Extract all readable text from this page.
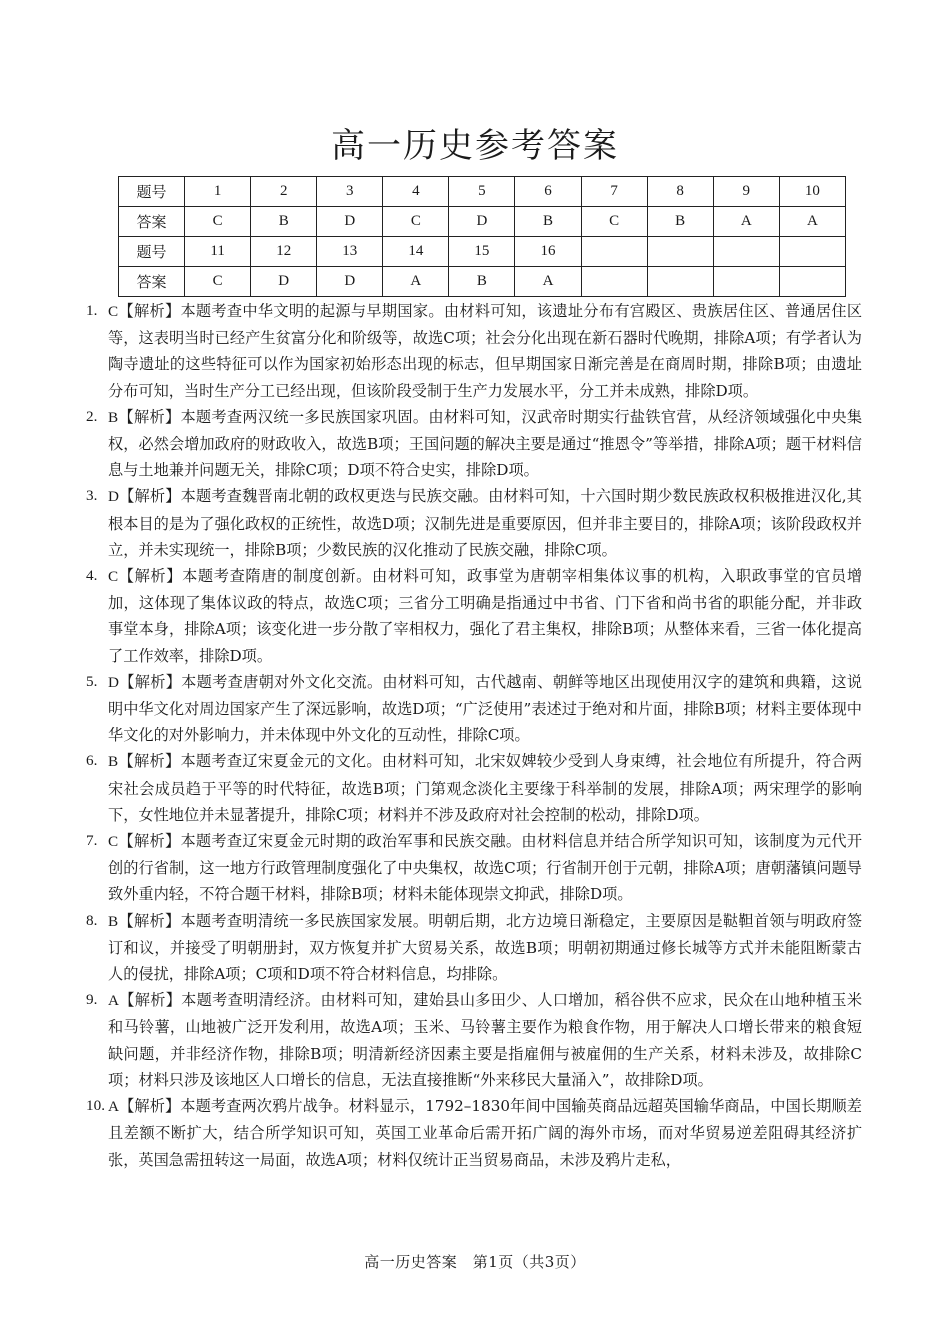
高一历史参考答案
题号	1	2	3	4	5	6	7	8	9	10
答案	C	B	D	C	D	B	C	B	A	A
题号	11	12	13	14	15	16				
答案	C	D	D	A	B	A				
1. C【解析】本题考查中华文明的起源与早期国家。由材料可知，该遗址分布有宫殿区、贵族居住区、普通居住区等，这表明当时已经产生贫富分化和阶级等，故选C项；社会分化出现在新石器时代晚期，排除A项；有学者认为陶寺遗址的这些特征可以作为国家初始形态出现的标志，但早期国家日渐完善是在商周时期，排除B项；由遗址分布可知，当时生产分工已经出现，但该阶段受制于生产力发展水平，分工并未成熟，排除D项。
2. B【解析】本题考查两汉统一多民族国家巩固。由材料可知，汉武帝时期实行盐铁官营，从经济领域强化中央集权，必然会增加政府的财政收入，故选B项；王国问题的解决主要是通过“推恩令”等举措，排除A项；题干材料信息与土地兼并问题无关，排除C项；D项不符合史实，排除D项。
3. D【解析】本题考查魏晋南北朝的政权更迭与民族交融。由材料可知，十六国时期少数民族政权积极推进汉化,其根本目的是为了强化政权的正统性，故选D项；汉制先进是重要原因，但并非主要目的，排除A项；该阶段政权并立，并未实现统一，排除B项；少数民族的汉化推动了民族交融，排除C项。
4. C【解析】本题考查隋唐的制度创新。由材料可知，政事堂为唐朝宰相集体议事的机构，入职政事堂的官员增加，这体现了集体议政的特点，故选C项；三省分工明确是指通过中书省、门下省和尚书省的职能分配，并非政事堂本身，排除A项；该变化进一步分散了宰相权力，强化了君主集权，排除B项；从整体来看，三省一体化提高了工作效率，排除D项。
5. D【解析】本题考查唐朝对外文化交流。由材料可知，古代越南、朝鲜等地区出现使用汉字的建筑和典籍，这说明中华文化对周边国家产生了深远影响，故选D项；“广泛使用”表述过于绝对和片面，排除B项；材料主要体现中华文化的对外影响力，并未体现中外文化的互动性，排除C项。
6. B【解析】本题考查辽宋夏金元的文化。由材料可知，北宋奴婢较少受到人身束缚，社会地位有所提升，符合两宋社会成员趋于平等的时代特征，故选B项；门第观念淡化主要缘于科举制的发展，排除A项；两宋理学的影响下，女性地位并未显著提升，排除C项；材料并不涉及政府对社会控制的松动，排除D项。
7. C【解析】本题考查辽宋夏金元时期的政治军事和民族交融。由材料信息并结合所学知识可知，该制度为元代开创的行省制，这一地方行政管理制度强化了中央集权，故选C项；行省制开创于元朝，排除A项；唐朝藩镇问题导致外重内轻，不符合题干材料，排除B项；材料未能体现崇文抑武，排除D项。
8. B【解析】本题考查明清统一多民族国家发展。明朝后期，北方边境日渐稳定，主要原因是鞑靼首领与明政府签订和议，并接受了明朝册封，双方恢复并扩大贸易关系，故选B项；明朝初期通过修长城等方式并未能阻断蒙古人的侵扰，排除A项；C项和D项不符合材料信息，均排除。
9. A【解析】本题考查明清经济。由材料可知，建始县山多田少、人口增加，稻谷供不应求，民众在山地种植玉米和马铃薯，山地被广泛开发利用，故选A项；玉米、马铃薯主要作为粮食作物，用于解决人口增长带来的粮食短缺问题，并非经济作物，排除B项；明清新经济因素主要是指雇佣与被雇佣的生产关系，材料未涉及，故排除C项；材料只涉及该地区人口增长的信息，无法直接推断“外来移民大量涌入”，故排除D项。
10. A【解析】本题考查两次鸦片战争。材料显示，1792–1830年间中国输英商品远超英国输华商品，中国长期顺差且差额不断扩大，结合所学知识可知，英国工业革命后需开拓广阔的海外市场，而对华贸易逆差阻碍其经济扩张，英国急需扭转这一局面，故选A项；材料仅统计正当贸易商品，未涉及鸦片走私，
高一历史答案　第1页（共3页）
